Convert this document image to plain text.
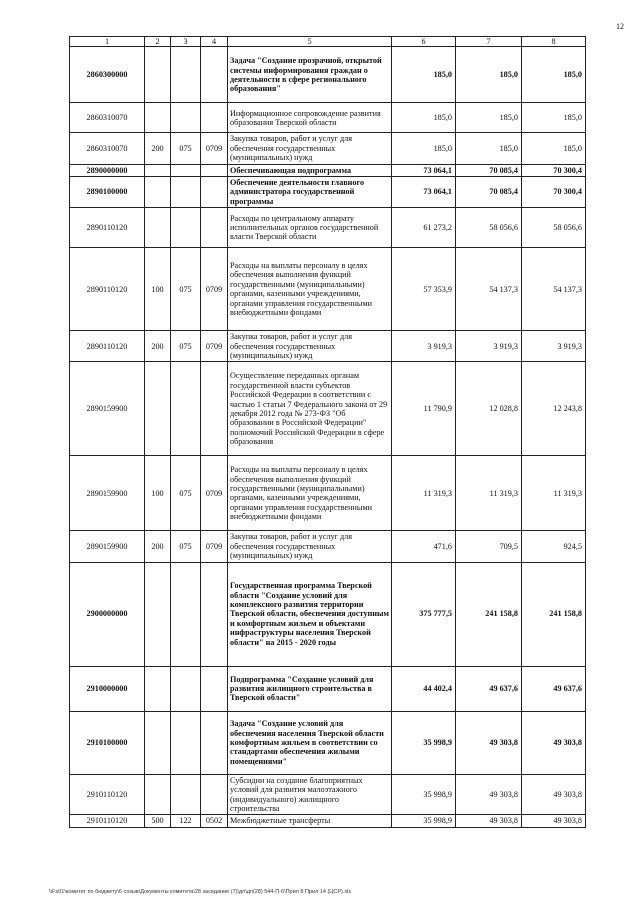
12
1	2	3	4	5	6	7	8
2860300000				Задача "Создание прозрачной, открытой системы информирования граждан о деятельности в сфере регионального образования"	185,0	185,0	185,0
2860310070				Информационное сопровождение развития образования Тверской области	185,0	185,0	185,0
2860310070	200	075	0709	Закупка товаров, работ и услуг для обеспечения государственных (муниципальных) нужд	185,0	185,0	185,0
2890000000				Обеспечивающая подпрограмма	73 064,1	70 085,4	70 300,4
2890100000				Обеспечение деятельности главного администратора государственной программы	73 064,1	70 085,4	70 300,4
2890110120				Расходы по центральному аппарату исполнительных органов государственной власти Тверской области	61 273,2	58 056,6	58 056,6
2890110120	100	075	0709	Расходы на выплаты персоналу в целях обеспечения выполнения функций государственными (муниципальными) органами, казенными учреждениями, органами управления государственными внебюджетными фондами	57 353,9	54 137,3	54 137,3
2890110120	200	075	0709	Закупка товаров, работ и услуг для обеспечения государственных (муниципальных) нужд	3 919,3	3 919,3	3 919,3
2890159900				Осуществление переданных органам государственной власти субъектов Российской Федерации в соответствии с частью 1 статьи 7 Федерального закона от 29 декабря 2012 года № 273-ФЗ "Об образовании в Российской Федерации" полномочий Российской Федерации в сфере образования	11 790,9	12 028,8	12 243,8
2890159900	100	075	0709	Расходы на выплаты персоналу в целях обеспечения выполнения функций государственными (муниципальными) органами, казенными учреждениями, органами управления государственными внебюджетными фондами	11 319,3	11 319,3	11 319,3
2890159900	200	075	0709	Закупка товаров, работ и услуг для обеспечения государственных (муниципальных) нужд	471,6	709,5	924,5
2900000000				Государственная программа Тверской области "Создание условий для комплексного развития территории Тверской области, обеспечения доступным и комфортным жильем и объектами инфраструктуры населения Тверской области" на 2015 - 2020 годы	375 777,5	241 158,8	241 158,8
2910000000				Подпрограмма "Создание условий для развития жилищного строительства в Тверской области"	44 402,4	49 637,6	49 637,6
2910100000				Задача "Создание условий для обеспечения населения Тверской области комфортным жильем в соответствии со стандартами обеспечения жилыми помещениями"	35 998,9	49 303,8	49 303,8
2910110120				Субсидии на создание благоприятных условий для развития малоэтажного (индивидуального) жилищного строительства	35 998,9	49 303,8	49 303,8
2910110120	500	122	0502	Межбюджетные трансферты	35 998,9	49 303,8	49 303,8
\\Fs01\комитет по бюджету\6 созыв\Документы комитета\28 заседание (7)\дп\дп(28) 544-П-6\Прил 8 Прил 14 (ЦСР).xls
